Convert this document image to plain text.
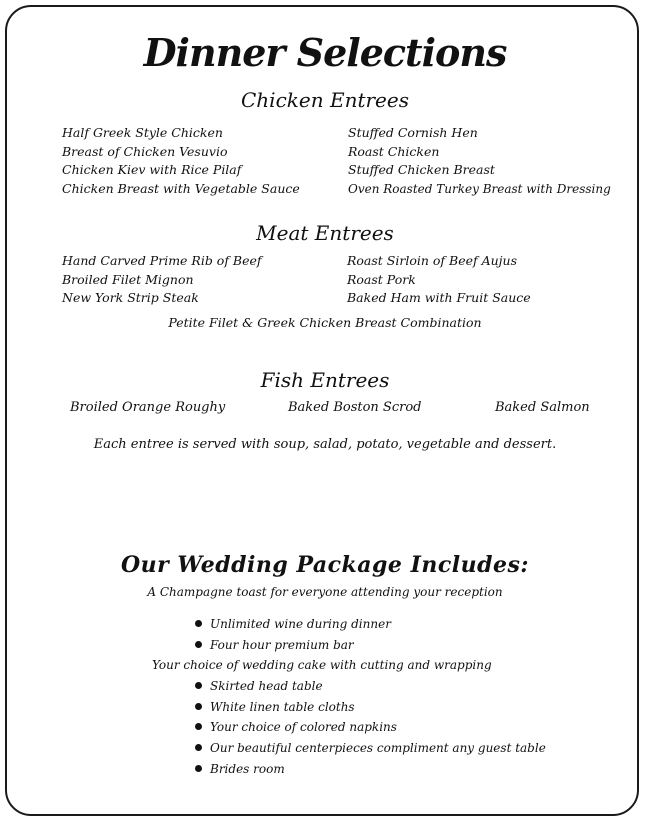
Dinner Selections
Chicken Entrees
Half Greek Style Chicken
Breast of Chicken Vesuvio
Chicken Kiev with Rice Pilaf
Chicken Breast with Vegetable Sauce
Stuffed Cornish Hen
Roast Chicken
Stuffed Chicken Breast
Oven Roasted Turkey Breast with Dressing
Meat Entrees
Hand Carved Prime Rib of Beef
Broiled Filet Mignon
New York Strip Steak
Roast Sirloin of Beef Aujus
Roast Pork
Baked Ham with Fruit Sauce
Petite Filet & Greek Chicken Breast Combination
Fish Entrees
Broiled Orange Roughy	Baked Boston Scrod	Baked Salmon
Each entree is served with soup, salad, potato, vegetable and dessert.
Our Wedding Package Includes:
A Champagne toast for everyone attending your reception
Unlimited wine during dinner
Four hour premium bar
Your choice of wedding cake with cutting and wrapping
Skirted head table
White linen table cloths
Your choice of colored napkins
Our beautiful centerpieces compliment any guest table
Brides room
